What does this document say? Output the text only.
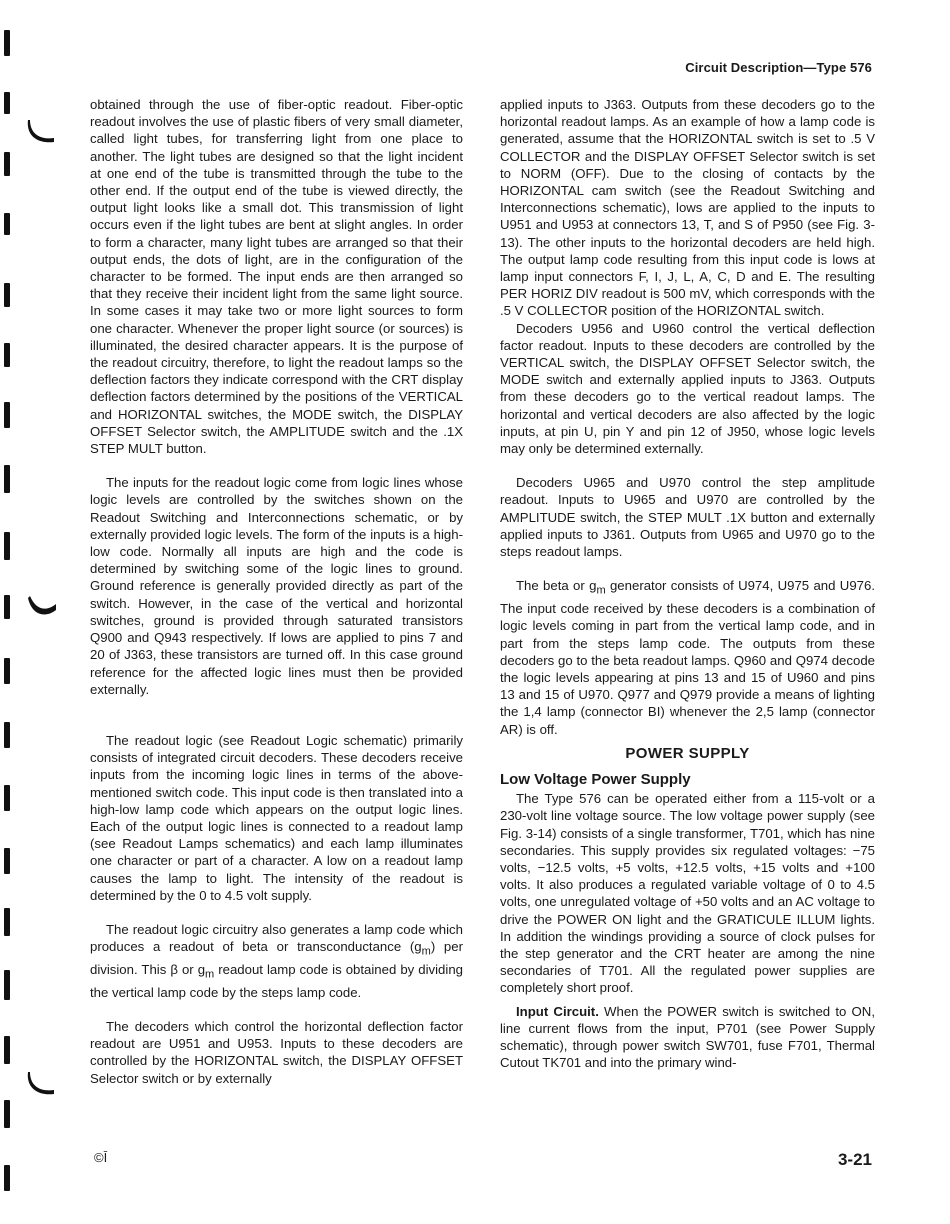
Circuit Description—Type 576

obtained through the use of fiber-optic readout. Fiber-optic readout involves the use of plastic fibers of very small diameter, called light tubes, for transferring light from one place to another. The light tubes are designed so that the light incident at one end of the tube is transmitted through the tube to the other end. If the output end of the tube is viewed directly, the output light looks like a small dot. This transmission of light occurs even if the light tubes are bent at slight angles. In order to form a character, many light tubes are arranged so that their output ends, the dots of light, are in the configuration of the character to be formed. The input ends are then arranged so that they receive their incident light from the same light source. In some cases it may take two or more light sources to form one character. Whenever the proper light source (or sources) is illuminated, the desired character appears. It is the purpose of the readout circuitry, therefore, to light the readout lamps so the deflection factors they indicate correspond with the CRT display deflection factors determined by the positions of the VERTICAL and HORIZONTAL switches, the MODE switch, the DISPLAY OFFSET Selector switch, the AMPLITUDE switch and the .1X STEP MULT button.

The inputs for the readout logic come from logic lines whose logic levels are controlled by the switches shown on the Readout Switching and Interconnections schematic, or by externally provided logic levels. The form of the inputs is a high-low code. Normally all inputs are high and the code is determined by switching some of the logic lines to ground. Ground reference is generally provided directly as part of the switch. However, in the case of the vertical and horizontal switches, ground is provided through saturated transistors Q900 and Q943 respectively. If lows are applied to pins 7 and 20 of J363, these transistors are turned off. In this case ground reference for the affected logic lines must then be provided externally.

The readout logic (see Readout Logic schematic) primarily consists of integrated circuit decoders. These decoders receive inputs from the incoming logic lines in terms of the above-mentioned switch code. This input code is then translated into a high-low lamp code which appears on the output logic lines. Each of the output logic lines is connected to a readout lamp (see Readout Lamps schematics) and each lamp illuminates one character or part of a character. A low on a readout lamp causes the lamp to light. The intensity of the readout is determined by the 0 to 4.5 volt supply.

The readout logic circuitry also generates a lamp code which produces a readout of beta or transconductance $(g_m)$ per division. This β or $g_m$ readout lamp code is obtained by dividing the vertical lamp code by the steps lamp code.

The decoders which control the horizontal deflection factor readout are U951 and U953. Inputs to these decoders are controlled by the HORIZONTAL switch, the DISPLAY OFFSET Selector switch or by externally

applied inputs to J363. Outputs from these decoders go to the horizontal readout lamps. As an example of how a lamp code is generated, assume that the HORIZONTAL switch is set to .5 V COLLECTOR and the DISPLAY OFFSET Selector switch is set to NORM (OFF). Due to the closing of contacts by the HORIZONTAL cam switch (see the Readout Switching and Interconnections schematic), lows are applied to the inputs to U951 and U953 at connectors 13, T, and S of P950 (see Fig. 3-13). The other inputs to the horizontal decoders are held high. The output lamp code resulting from this input code is lows at lamp input connectors F, I, J, L, A, C, D and E. The resulting PER HORIZ DIV readout is 500 mV, which corresponds with the .5 V COLLECTOR position of the HORIZONTAL switch.

Decoders U956 and U960 control the vertical deflection factor readout. Inputs to these decoders are controlled by the VERTICAL switch, the DISPLAY OFFSET Selector switch, the MODE switch and externally applied inputs to J363. Outputs from these decoders go to the vertical readout lamps. The horizontal and vertical decoders are also affected by the logic inputs, at pin U, pin Y and pin 12 of J950, whose logic levels may only be determined externally.

Decoders U965 and U970 control the step amplitude readout. Inputs to U965 and U970 are controlled by the AMPLITUDE switch, the STEP MULT .1X button and externally applied inputs to J361. Outputs from U965 and U970 go to the steps readout lamps.

The beta or $g_m$ generator consists of U974, U975 and U976. The input code received by these decoders is a combination of logic levels coming in part from the vertical lamp code, and in part from the steps lamp code. The outputs from these decoders go to the beta readout lamps. Q960 and Q974 decode the logic levels appearing at pins 13 and 15 of U960 and pins 13 and 15 of U970. Q977 and Q979 provide a means of lighting the 1,4 lamp (connector BI) whenever the 2,5 lamp (connector AR) is off.

POWER SUPPLY
Low Voltage Power Supply

The Type 576 can be operated either from a 115-volt or a 230-volt line voltage source. The low voltage power supply (see Fig. 3-14) consists of a single transformer, T701, which has nine secondaries. This supply provides six regulated voltages: −75 volts, −12.5 volts, +5 volts, +12.5 volts, +15 volts and +100 volts. It also produces a regulated variable voltage of 0 to 4.5 volts, one unregulated voltage of +50 volts and an AC voltage to drive the POWER ON light and the GRATICULE ILLUM lights. In addition the windings providing a source of clock pulses for the step generator and the CRT heater are among the nine secondaries of T701. All the regulated power supplies are completely short proof.

Input Circuit. When the POWER switch is switched to ON, line current flows from the input, P701 (see Power Supply schematic), through power switch SW701, fuse F701, Thermal Cutout TK701 and into the primary wind-

©Ī	3-21
